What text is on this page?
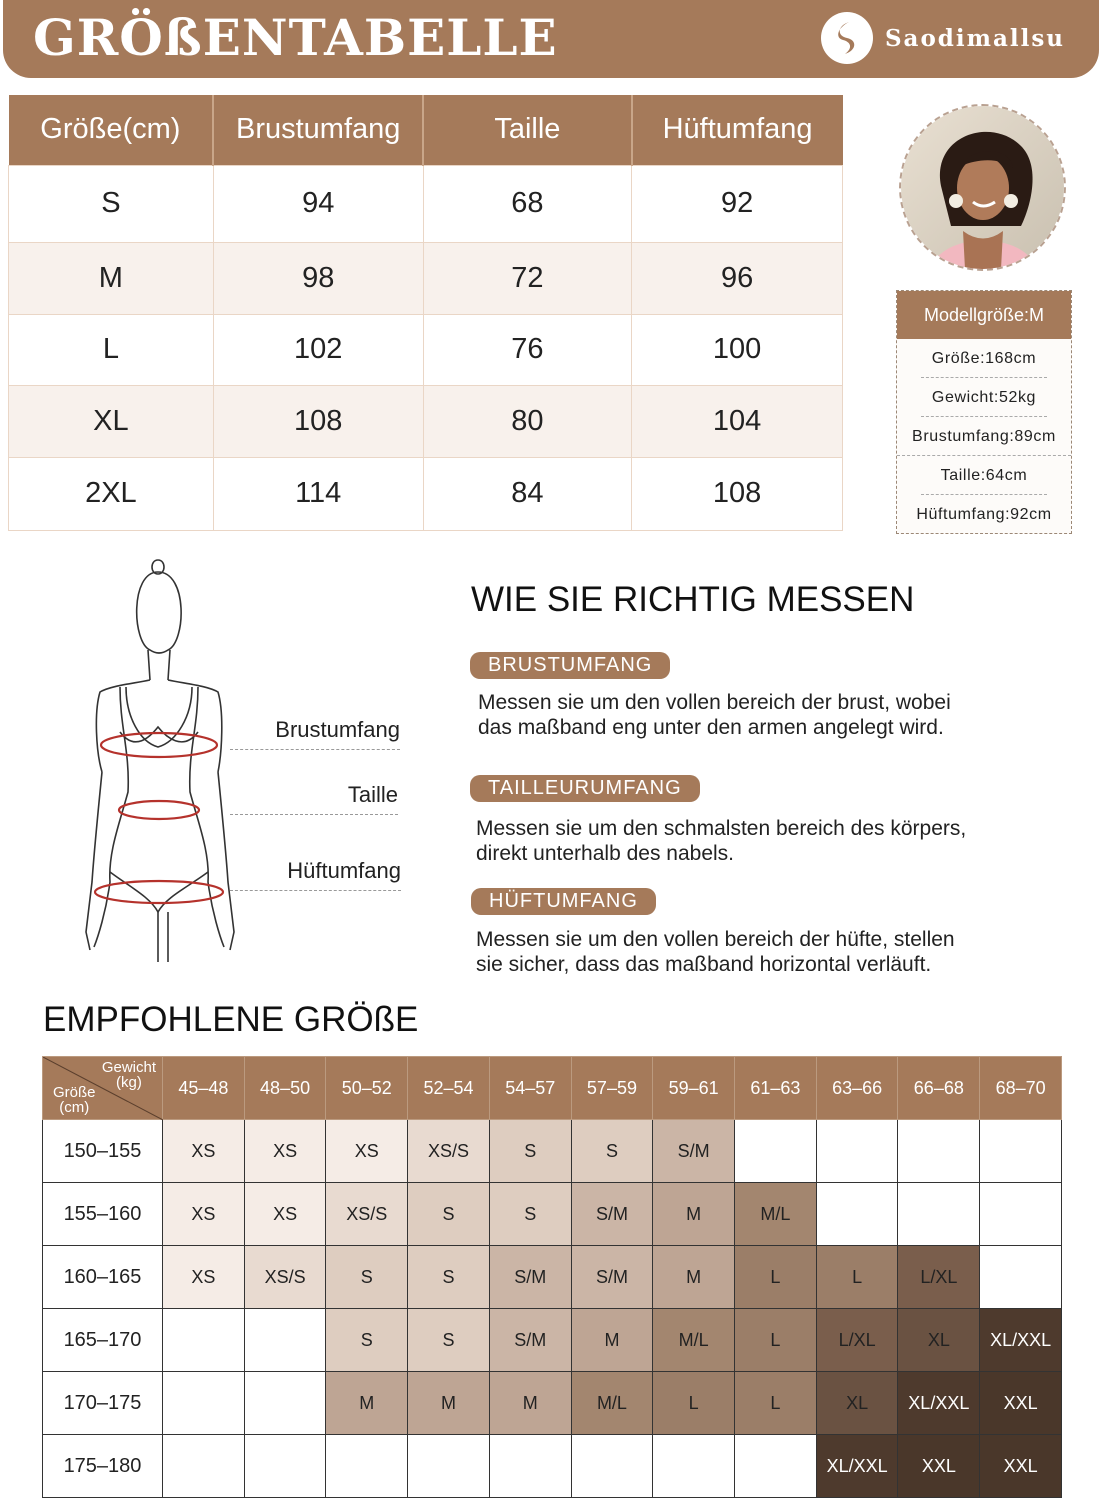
GRÖßENTABELLE	Saodimallsu
Größe(cm)	Brustumfang	Taille	Hüftumfang
S	94	68	92
M	98	72	96
L	102	76	100
XL	108	80	104
2XL	114	84	108
Modellgröße:M
Größe:168cm
Gewicht:52kg
Brustumfang:89cm
Taille:64cm
Hüftumfang:92cm
Brustumfang
Taille
Hüftumfang
WIE SIE RICHTIG MESSEN
BRUSTUMFANG
Messen sie um den vollen bereich der brust, wobei
das maßband eng unter den armen angelegt wird.
TAILLEURUMFANG
Messen sie um den schmalsten bereich des körpers,
direkt unterhalb des nabels.
HÜFTUMFANG
Messen sie um den vollen bereich der hüfte, stellen
sie sicher, dass das maßband horizontal verläuft.
EMPFOHLENE GRÖßE
Gewicht
(kg)
Größe
(cm)	45–48	48–50	50–52	52–54	54–57	57–59	59–61	61–63	63–66	66–68	68–70
150–155	XS	XS	XS	XS/S	S	S	S/M				
155–160	XS	XS	XS/S	S	S	S/M	M	M/L			
160–165	XS	XS/S	S	S	S/M	S/M	M	L	L	L/XL	
165–170			S	S	S/M	M	M/L	L	L/XL	XL	XL/XXL
170–175			M	M	M	M/L	L	L	XL	XL/XXL	XXL
175–180									XL/XXL	XXL	XXL
